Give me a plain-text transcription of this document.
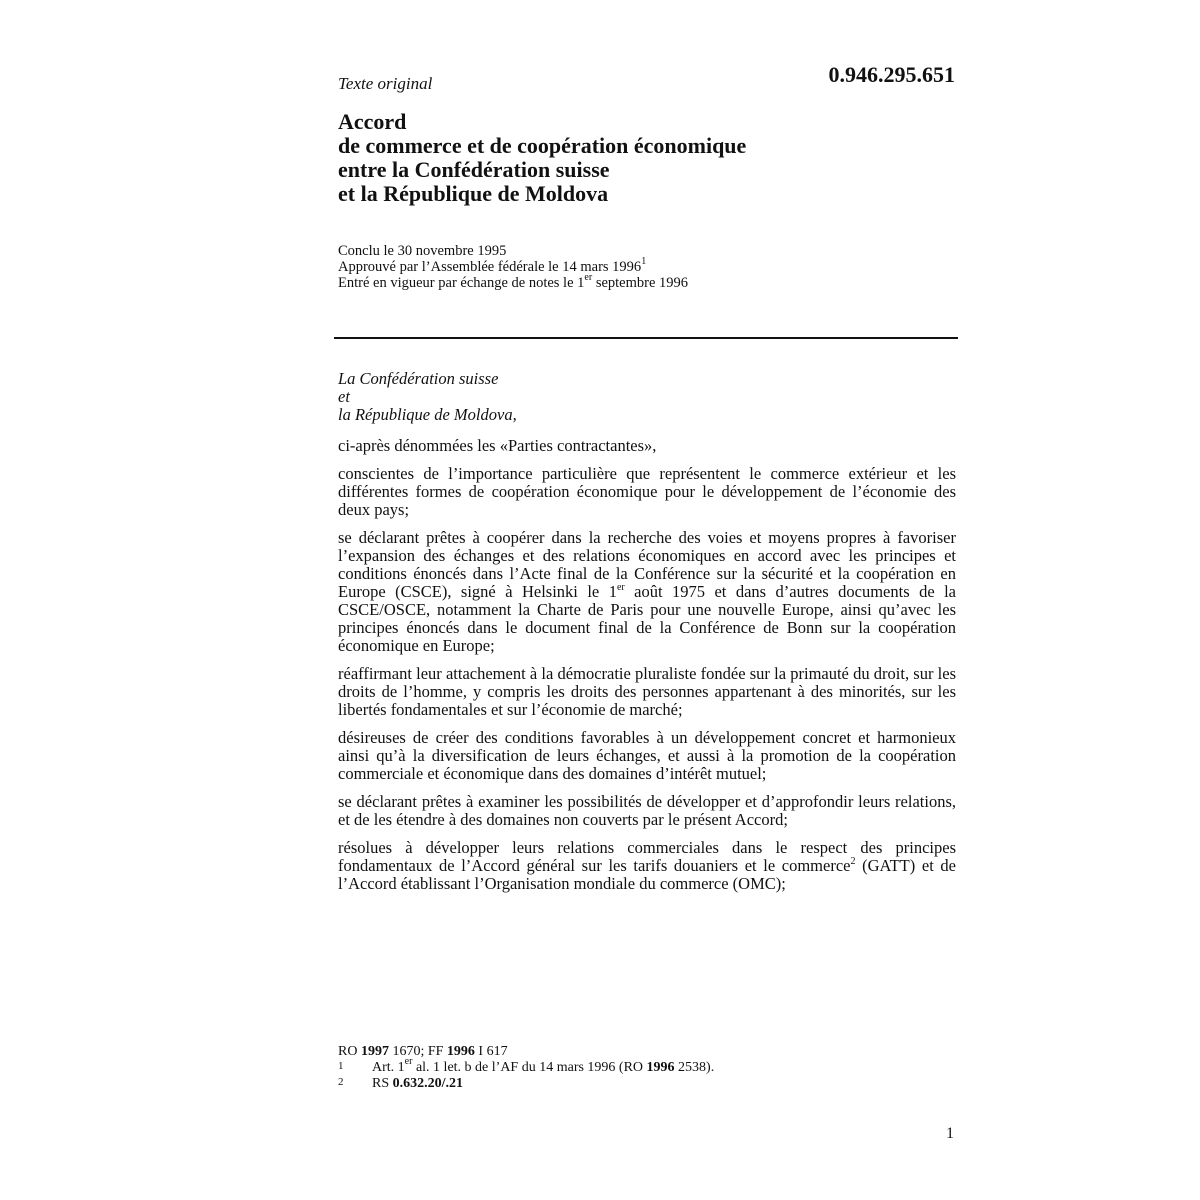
Texte original	0.946.295.651
Accord
de commerce et de coopération économique
entre la Confédération suisse
et la République de Moldova
Conclu le 30 novembre 1995
Approuvé par l’Assemblée fédérale le 14 mars 1996$^1$
Entré en vigueur par échange de notes le 1er septembre 1996
La Confédération suisse
et
la République de Moldova,

ci-après dénommées les «Parties contractantes»,

conscientes de l’importance particulière que représentent le commerce extérieur et les différentes formes de coopération économique pour le développement de l’économie des deux pays;

se déclarant prêtes à coopérer dans la recherche des voies et moyens propres à favoriser l’expansion des échanges et des relations économiques en accord avec les principes et conditions énoncés dans l’Acte final de la Conférence sur la sécurité et la coopération en Europe (CSCE), signé à Helsinki le 1er août 1975 et dans d’autres documents de la CSCE/OSCE, notamment la Charte de Paris pour une nouvelle Europe, ainsi qu’avec les principes énoncés dans le document final de la Conférence de Bonn sur la coopération économique en Europe;

réaffirmant leur attachement à la démocratie pluraliste fondée sur la primauté du droit, sur les droits de l’homme, y compris les droits des personnes appartenant à des minorités, sur les libertés fondamentales et sur l’économie de marché;

désireuses de créer des conditions favorables à un développement concret et harmonieux ainsi qu’à la diversification de leurs échanges, et aussi à la promotion de la coopération commerciale et économique dans des domaines d’intérêt mutuel;

se déclarant prêtes à examiner les possibilités de développer et d’approfondir leurs relations, et de les étendre à des domaines non couverts par le présent Accord;

résolues à développer leurs relations commerciales dans le respect des principes fondamentaux de l’Accord général sur les tarifs douaniers et le commerce$^2$ (GATT) et de l’Accord établissant l’Organisation mondiale du commerce (OMC);

RO 1997 1670; FF 1996 I 617
1	Art. 1er al. 1 let. b de l’AF du 14 mars 1996 (RO 1996 2538).
2	RS 0.632.20/.21
1
